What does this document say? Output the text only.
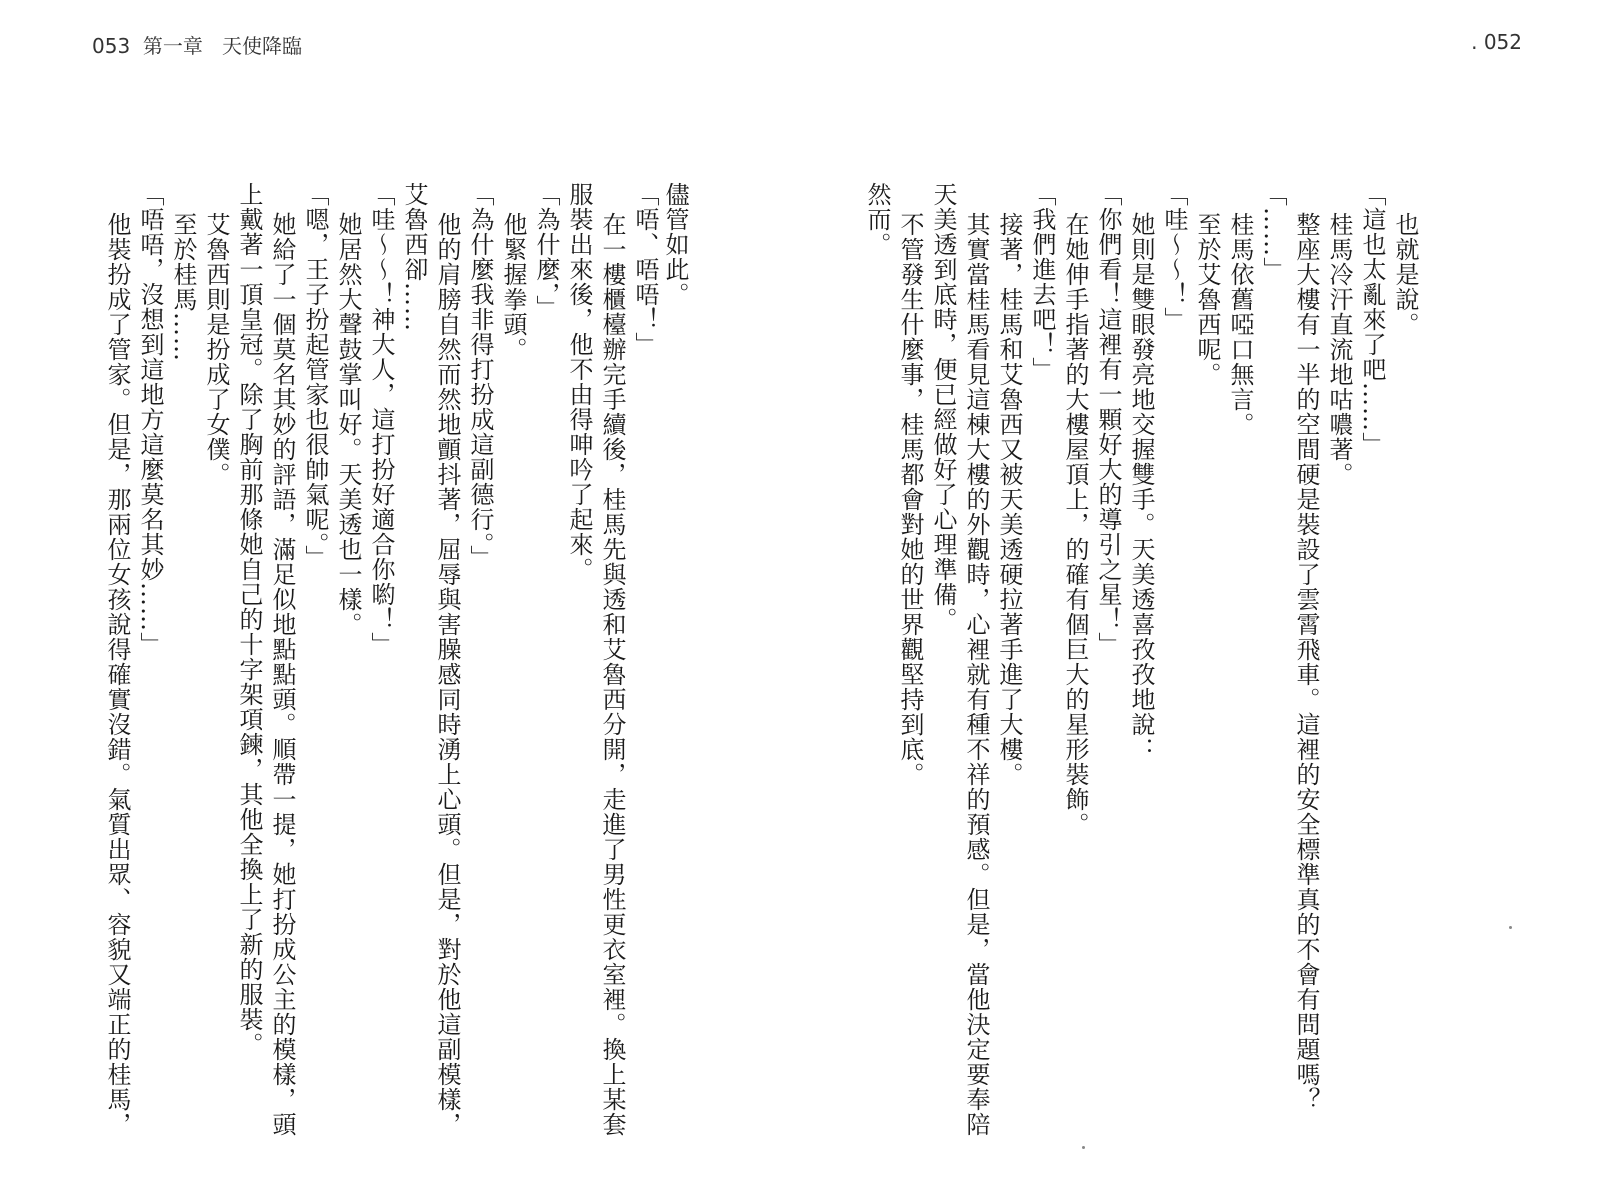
053 第一章 天使降臨	. 052
儘管如此。
「唔、唔唔！」
在一樓櫃檯辦完手續後，桂馬先與透和艾魯西分開，走進了男性更衣室裡。換上某套
服裝出來後，他不由得呻吟了起來。
「為什麼，」
他緊握拳頭。
「為什麼我非得打扮成這副德行。」
他的肩膀自然而然地顫抖著，屈辱與害臊感同時湧上心頭。但是，對於他這副模樣，
艾魯西卻……
「哇～～！神大人，這打扮好適合你喲！」
她居然大聲鼓掌叫好。天美透也一樣。
「嗯，王子扮起管家也很帥氣呢。」
她給了一個莫名其妙的評語，滿足似地點點頭。順帶一提，她打扮成公主的模樣，頭
上戴著一頂皇冠。除了胸前那條她自己的十字架項鍊，其他全換上了新的服裝。
艾魯西則是扮成了女僕。
至於桂馬……
「唔唔，沒想到這地方這麼莫名其妙……」
他裝扮成了管家。但是，那兩位女孩說得確實沒錯。氣質出眾、容貌又端正的桂馬，	也就是說。
「這也太亂來了吧……」
桂馬冷汗直流地咕噥著。
整座大樓有一半的空間硬是裝設了雲霄飛車。這裡的安全標準真的不會有問題嗎？
「……」
桂馬依舊啞口無言。
至於艾魯西呢。
「哇～～！」
她則是雙眼發亮地交握雙手。天美透喜孜孜地說：
「你們看！這裡有一顆好大的導引之星！」
在她伸手指著的大樓屋頂上，的確有個巨大的星形裝飾。
「我們進去吧！」
接著，桂馬和艾魯西又被天美透硬拉著手進了大樓。
其實當桂馬看見這棟大樓的外觀時，心裡就有種不祥的預感。但是，當他決定要奉陪
天美透到底時，便已經做好了心理準備。
不管發生什麼事，桂馬都會對她的世界觀堅持到底。
然而。
